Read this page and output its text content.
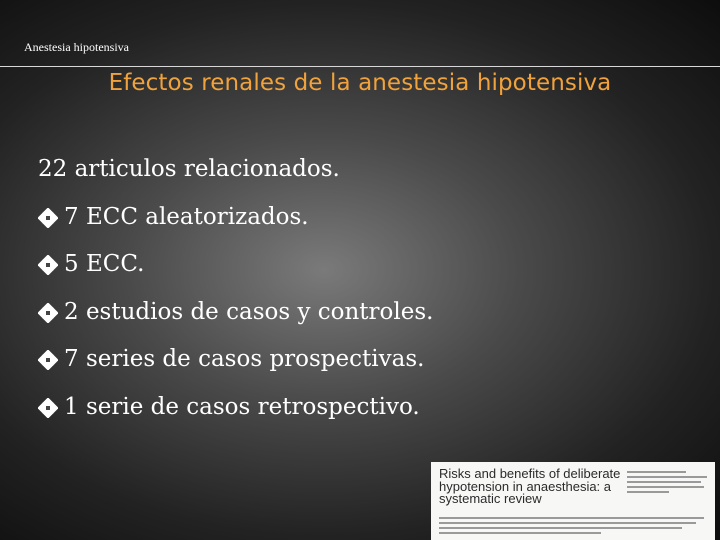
Anestesia hipotensiva
Efectos renales de la anestesia hipotensiva
22 articulos relacionados.
7 ECC aleatorizados.
5 ECC.
2 estudios de casos y controles.
7 series de casos prospectivas.
1 serie de casos retrospectivo.
Risks and benefits of deliberate hypotension in anaesthesia: a systematic review
